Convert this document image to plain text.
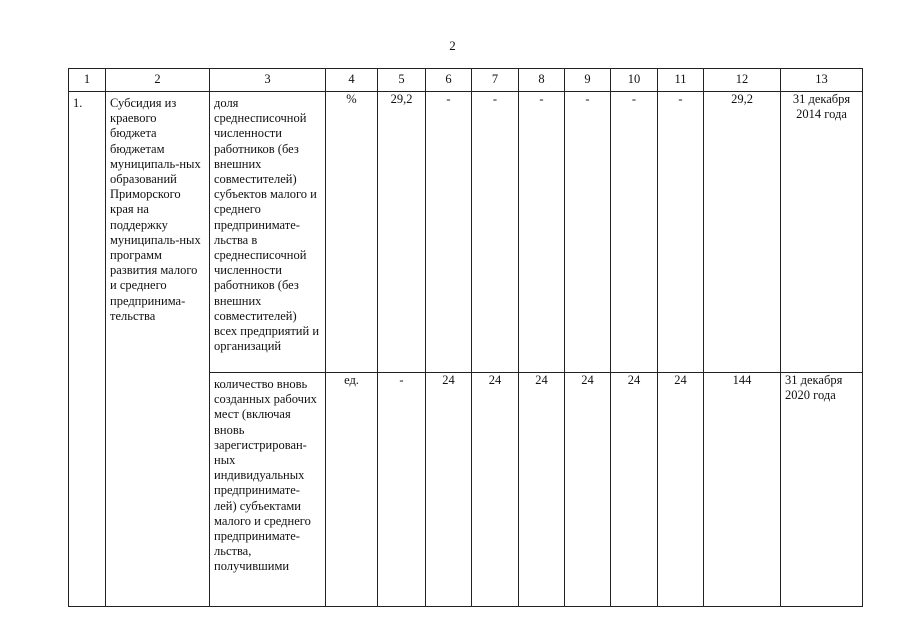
2
1	2	3	4	5	6	7	8	9	10	11	12	13

1.	Субсидия из краевого бюджета бюджетам муниципаль-ных образований Приморского края на поддержку муниципаль-ных программ развития малого и среднего предпринима-тельства	доля среднесписочной численности работников (без внешних совместителей) субъектов малого и среднего предпринимате-льства в среднесписочной численности работников (без внешних совместителей) всех предприятий и организаций	%	29,2	-	-	-	-	-	-	29,2	31 декабря 2014 года

		количество вновь созданных рабочих мест (включая вновь зарегистрирован-ных индивидуальных предпринимате-лей) субъектами малого и среднего предпринимате-льства, получившими	ед.	-	24	24	24	24	24	24	144	31 декабря 2020 года
